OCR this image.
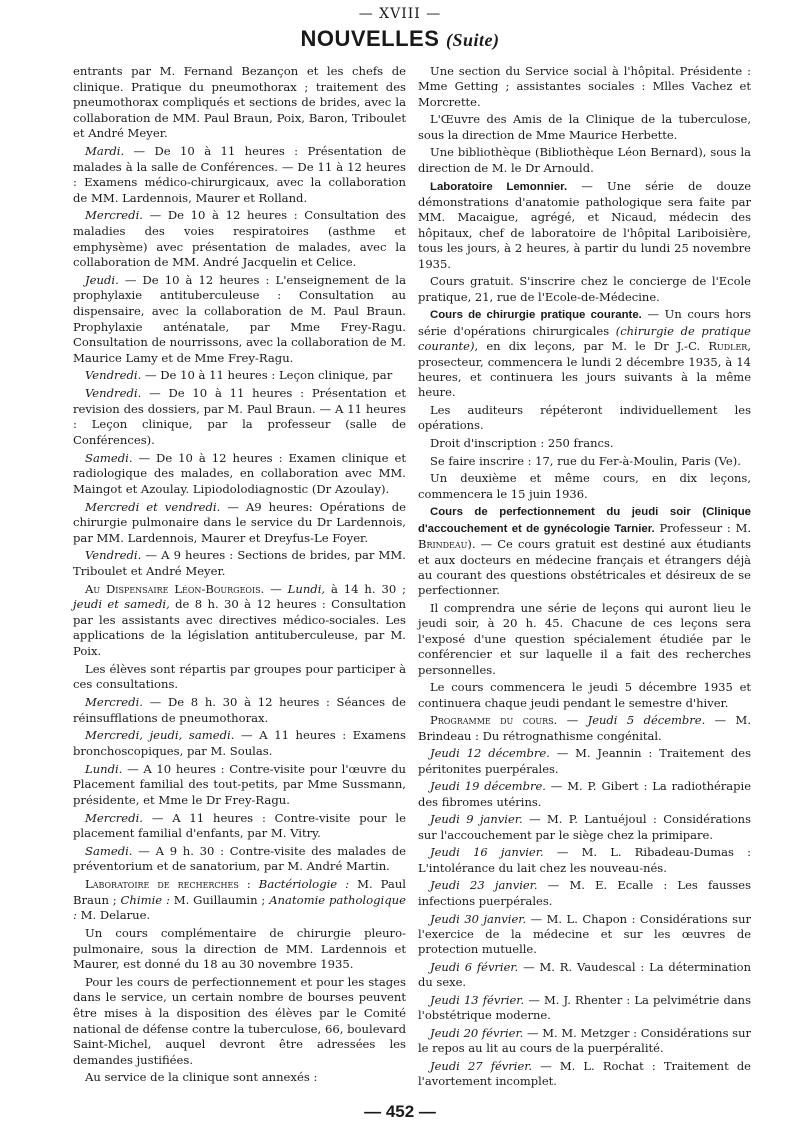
— XVIII —
NOUVELLES (Suite)

entrants par M. Fernand Bezançon et les chefs de clinique. Pratique du pneumothorax ; traitement des pneumothorax compliqués et sections de brides, avec la collaboration de MM. Paul Braun, Poix, Baron, Triboulet et André Meyer.

Mardi. — De 10 à 11 heures : Présentation de malades à la salle de Conférences. — De 11 à 12 heures : Examens médico-chirurgicaux, avec la collaboration de MM. Lardennois, Maurer et Rolland.

Mercredi. — De 10 à 12 heures : Consultation des maladies des voies respiratoires (asthme et emphysème) avec présentation de malades, avec la collaboration de MM. André Jacquelin et Celice.

Jeudi. — De 10 à 12 heures : L'enseignement de la prophylaxie antituberculeuse : Consultation au dispensaire, avec la collaboration de M. Paul Braun. Prophylaxie anténatale, par Mme Frey-Ragu. Consultation de nourrissons, avec la collaboration de M. Maurice Lamy et de Mme Frey-Ragu.

Vendredi. — De 10 à 11 heures : Leçon clinique, par

Vendredi. — De 10 à 11 heures : Présentation et revision des dossiers, par M. Paul Braun. — A 11 heures : Leçon clinique, par la professeur (salle de Conférences).

Samedi. — De 10 à 12 heures : Examen clinique et radiologique des malades, en collaboration avec MM. Maingot et Azoulay. Lipiodolodiagnostic (Dr Azoulay).

Mercredi et vendredi. — A9 heures: Opérations de chirurgie pulmonaire dans le service du Dr Lardennois, par MM. Lardennois, Maurer et Dreyfus-Le Foyer.

Vendredi. — A 9 heures : Sections de brides, par MM. Triboulet et André Meyer.

Au Dispensaire Léon-Bourgeois. — Lundi, à 14 h. 30 ; jeudi et samedi, de 8 h. 30 à 12 heures : Consultation par les assistants avec directives médico-sociales. Les applications de la législation antituberculeuse, par M. Poix.

Les élèves sont répartis par groupes pour participer à ces consultations.

Mercredi. — De 8 h. 30 à 12 heures : Séances de réinsufflations de pneumothorax.

Mercredi, jeudi, samedi. — A 11 heures : Examens bronchoscopiques, par M. Soulas.

Lundi. — A 10 heures : Contre-visite pour l'œuvre du Placement familial des tout-petits, par Mme Sussmann, présidente, et Mme le Dr Frey-Ragu.

Mercredi. — A 11 heures : Contre-visite pour le placement familial d'enfants, par M. Vitry.

Samedi. — A 9 h. 30 : Contre-visite des malades de préventorium et de sanatorium, par M. André Martin.

Laboratoire de recherches : Bactériologie : M. Paul Braun ; Chimie : M. Guillaumin ; Anatomie pathologique : M. Delarue.

Un cours complémentaire de chirurgie pleuro-pulmonaire, sous la direction de MM. Lardennois et Maurer, est donné du 18 au 30 novembre 1935.

Pour les cours de perfectionnement et pour les stages dans le service, un certain nombre de bourses peuvent être mises à la disposition des élèves par le Comité national de défense contre la tuberculose, 66, boulevard Saint-Michel, auquel devront être adressées les demandes justifiées.

Au service de la clinique sont annexés :

Une section du Service social à l'hôpital. Présidente : Mme Getting ; assistantes sociales : Mlles Vachez et Morcrette.

L'Œuvre des Amis de la Clinique de la tuberculose, sous la direction de Mme Maurice Herbette.

Une bibliothèque (Bibliothèque Léon Bernard), sous la direction de M. le Dr Arnould.

Laboratoire Lemonnier. — Une série de douze démonstrations d'anatomie pathologique sera faite par MM. Macaigue, agrégé, et Nicaud, médecin des hôpitaux, chef de laboratoire de l'hôpital Lariboisière, tous les jours, à 2 heures, à partir du lundi 25 novembre 1935.

Cours gratuit. S'inscrire chez le concierge de l'Ecole pratique, 21, rue de l'Ecole-de-Médecine.

Cours de chirurgie pratique courante. — Un cours hors série d'opérations chirurgicales (chirurgie de pratique courante), en dix leçons, par M. le Dr J.-C. Rudler, prosecteur, commencera le lundi 2 décembre 1935, à 14 heures, et continuera les jours suivants à la même heure.

Les auditeurs répéteront individuellement les opérations.

Droit d'inscription : 250 francs.

Se faire inscrire : 17, rue du Fer-à-Moulin, Paris (Ve).

Un deuxième et même cours, en dix leçons, commencera le 15 juin 1936.

Cours de perfectionnement du jeudi soir (Clinique d'accouchement et de gynécologie Tarnier. Professeur : M. Brindeau). — Ce cours gratuit est destiné aux étudiants et aux docteurs en médecine français et étrangers déjà au courant des questions obstétricales et désireux de se perfectionner.

Il comprendra une série de leçons qui auront lieu le jeudi soir, à 20 h. 45. Chacune de ces leçons sera l'exposé d'une question spécialement étudiée par le conférencier et sur laquelle il a fait des recherches personnelles.

Le cours commencera le jeudi 5 décembre 1935 et continuera chaque jeudi pendant le semestre d'hiver.

Programme du cours. — Jeudi 5 décembre. — M. Brindeau : Du rétrognathisme congénital.

Jeudi 12 décembre. — M. Jeannin : Traitement des péritonites puerpérales.

Jeudi 19 décembre. — M. P. Gibert : La radiothérapie des fibromes utérins.

Jeudi 9 janvier. — M. P. Lantuéjoul : Considérations sur l'accouchement par le siège chez la primipare.

Jeudi 16 janvier. — M. L. Ribadeau-Dumas : L'intolérance du lait chez les nouveau-nés.

Jeudi 23 janvier. — M. E. Ecalle : Les fausses infections puerpérales.

Jeudi 30 janvier. — M. L. Chapon : Considérations sur l'exercice de la médecine et sur les œuvres de protection mutuelle.

Jeudi 6 février. — M. R. Vaudescal : La détermination du sexe.

Jeudi 13 février. — M. J. Rhenter : La pelvimétrie dans l'obstétrique moderne.

Jeudi 20 février. — M. M. Metzger : Considérations sur le repos au lit au cours de la puerpéralité.

Jeudi 27 février. — M. L. Rochat : Traitement de l'avortement incomplet.

— 452 —
